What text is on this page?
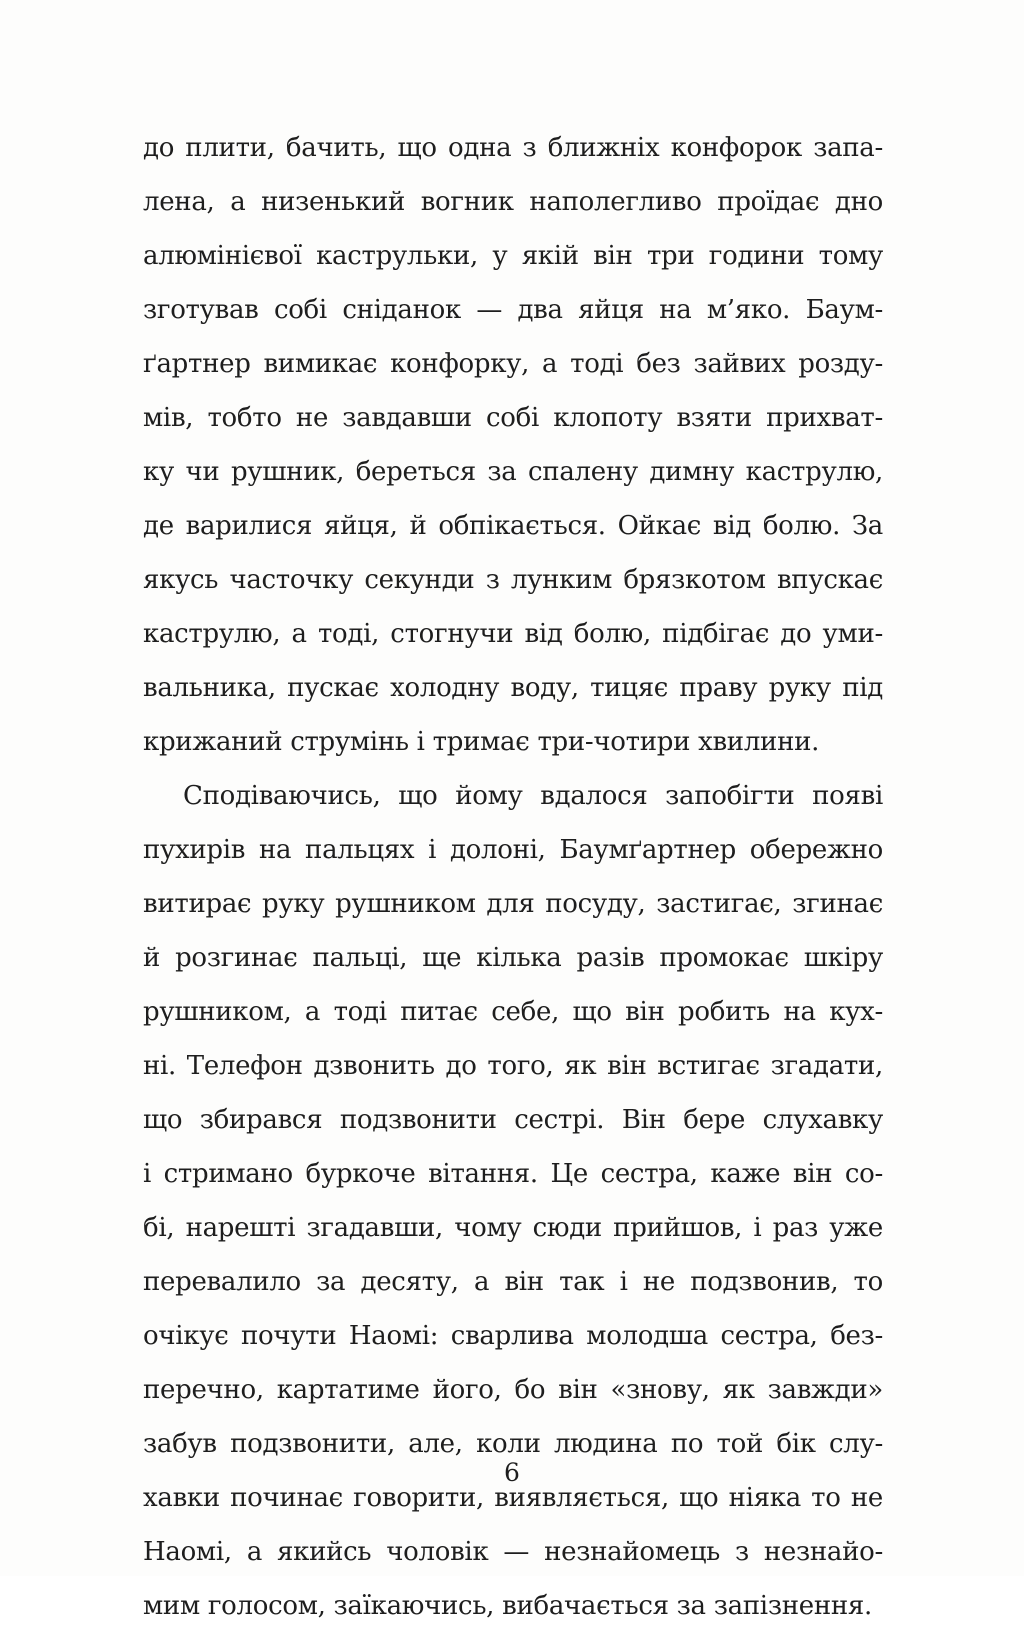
до плити, бачить, що одна з ближніх конфорок запа-
лена, а низенький вогник наполегливо проїдає дно
алюмінієвої каструльки, у якій він три години тому
зготував собі сніданок — два яйця на м’яко. Баум-
ґартнер вимикає конфорку, а тоді без зайвих розду-
мів, тобто не завдавши собі клопоту взяти прихват-
ку чи рушник, береться за спалену димну каструлю,
де варилися яйця, й обпікається. Ойкає від болю. За
якусь часточку секунди з лунким брязкотом впускає
каструлю, а тоді, стогнучи від болю, підбігає до уми-
вальника, пускає холодну воду, тицяє праву руку під
крижаний струмінь і тримає три-чотири хвилини.
Сподіваючись, що йому вдалося запобігти появі
пухирів на пальцях і долоні, Баумґартнер обережно
витирає руку рушником для посуду, застигає, згинає
й розгинає пальці, ще кілька разів промокає шкіру
рушником, а тоді питає себе, що він робить на кух-
ні. Телефон дзвонить до того, як він встигає згадати,
що збирався подзвонити сестрі. Він бере слухавку
і стримано буркоче вітання. Це сестра, каже він со-
бі, нарешті згадавши, чому сюди прийшов, і раз уже
перевалило за десяту, а він так і не подзвонив, то
очікує почути Наомі: сварлива молодша сестра, без-
перечно, картатиме його, бо він «знову, як завжди»
забув подзвонити, але, коли людина по той бік слу-
хавки починає говорити, виявляється, що ніяка то не
Наомі, а якийсь чоловік — незнайомець з незнайо-
мим голосом, заїкаючись, вибачається за запізнення.
6
